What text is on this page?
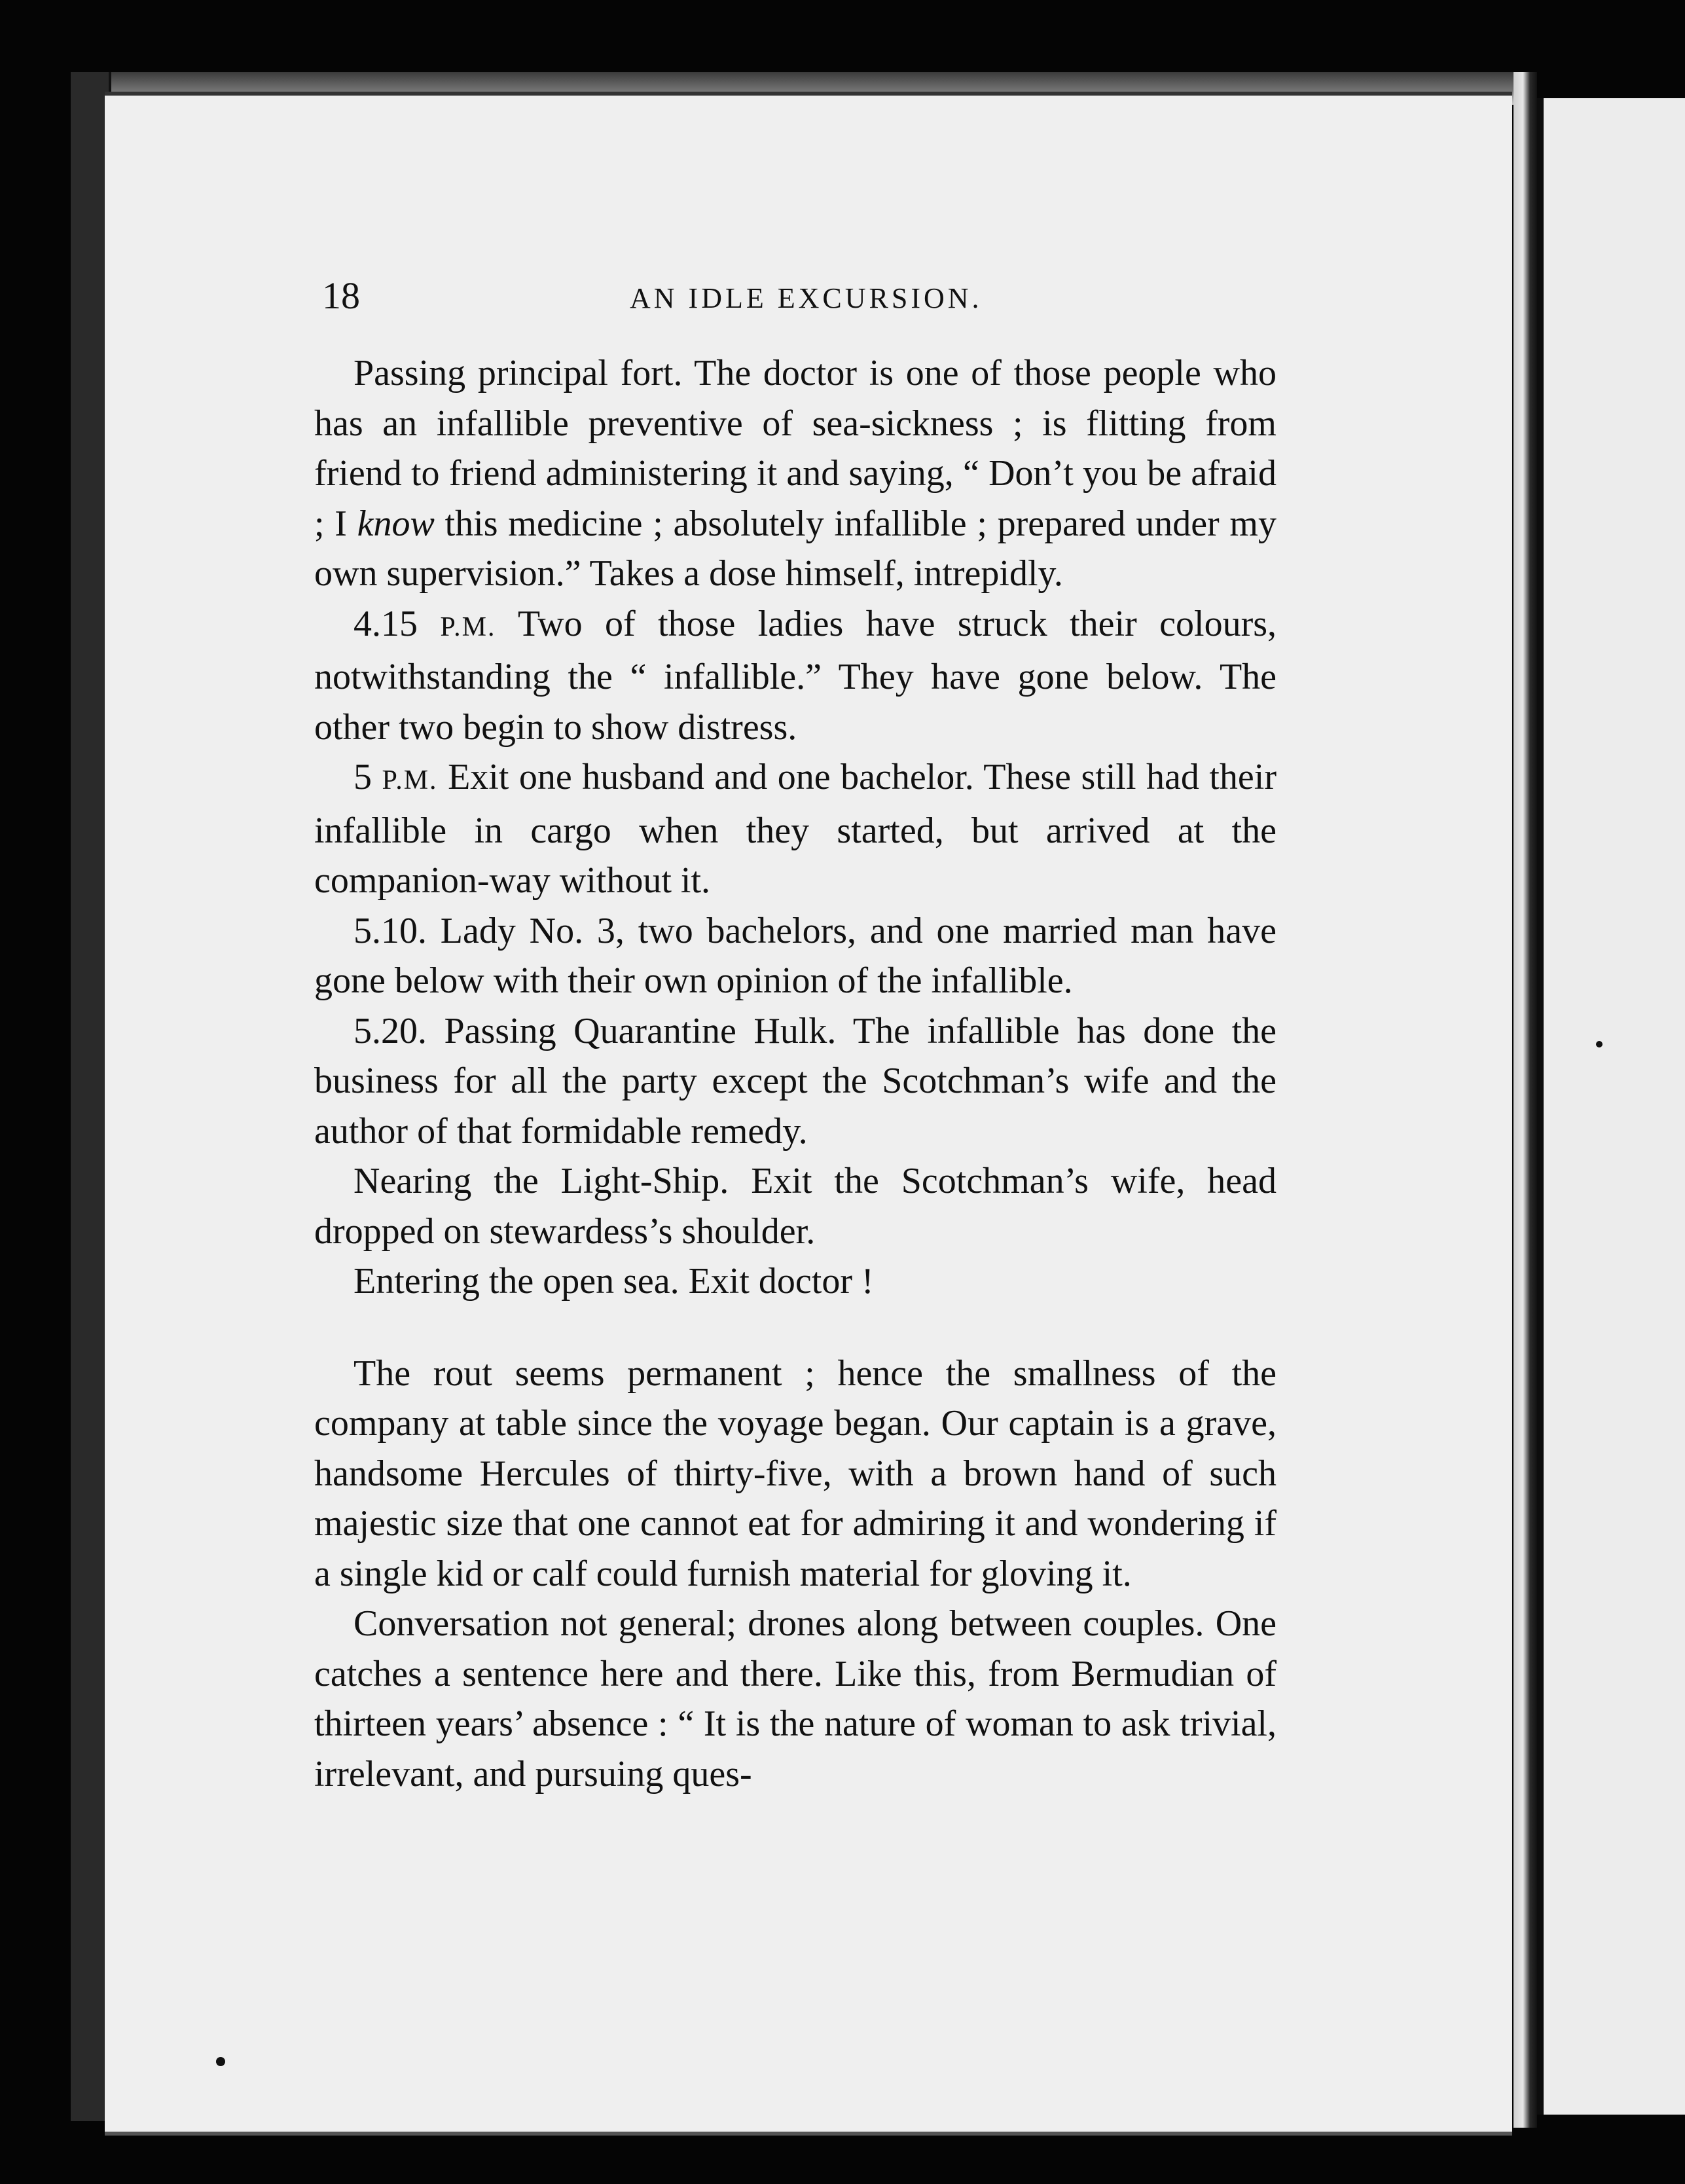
18	AN IDLE EXCURSION.

Passing principal fort. The doctor is one of those people who has an infallible preventive of sea-sickness ; is flitting from friend to friend administering it and saying, “ Don’t you be afraid ; I know this medicine ; absolutely infallible ; prepared under my own supervision.” Takes a dose himself, intrepidly.

4.15 P.M. Two of those ladies have struck their colours, notwithstanding the “ infallible.” They have gone below. The other two begin to show distress.

5 P.M. Exit one husband and one bachelor. These still had their infallible in cargo when they started, but arrived at the companion-way without it.

5.10. Lady No. 3, two bachelors, and one married man have gone below with their own opinion of the infallible.

5.20. Passing Quarantine Hulk. The infallible has done the business for all the party except the Scotchman’s wife and the author of that formidable remedy.

Nearing the Light-Ship. Exit the Scotchman’s wife, head dropped on stewardess’s shoulder.

Entering the open sea. Exit doctor !

The rout seems permanent ; hence the smallness of the company at table since the voyage began. Our captain is a grave, handsome Hercules of thirty-five, with a brown hand of such majestic size that one cannot eat for admiring it and wondering if a single kid or calf could furnish material for gloving it.

Conversation not general; drones along between couples. One catches a sentence here and there. Like this, from Bermudian of thirteen years’ absence : “ It is the nature of woman to ask trivial, irrelevant, and pursuing ques-
